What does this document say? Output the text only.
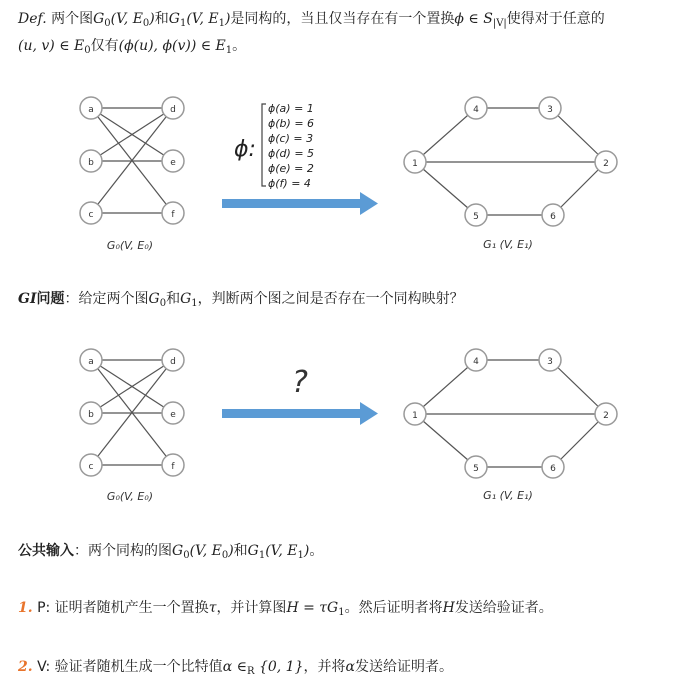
Def. 两个图$G_0(V$, $E_0$)和$G_1(V$, $E_1$)是同构的，当且仅当存在有一个置换ϕ ∈ $S_{|V|}$使得对于任意的
(u, v) ∈ $E_0$仅有(ϕ(u), ϕ(v)) ∈ $E_1$。
a
b
c
d
e
f
G₀(V, E₀)
ϕ:
ϕ(a) = 1
ϕ(b) = 6
ϕ(c) = 3
ϕ(d) = 5
ϕ(e) = 2
ϕ(f) = 4
4	3
1	2
5	6
G₁ (V, E₁)
GI问题：给定两个图$G_0$和$G_1$，判断两个图之间是否存在一个同构映射？
a
b
c
d
e
f
G₀(V, E₀)
?
4	3
1	2
5	6
G₁ (V, E₁)
公共输入：两个同构的图$G_0(V$, $E_0$)和$G_1(V$, $E_1$)。
1. P: 证明者随机产生一个置换τ，并计算图$H = \tau G_1$。然后证明者将H发送给验证者。
2. V: 验证者随机生成一个比特值α $\in_R$ {0, 1}，并将α发送给证明者。
